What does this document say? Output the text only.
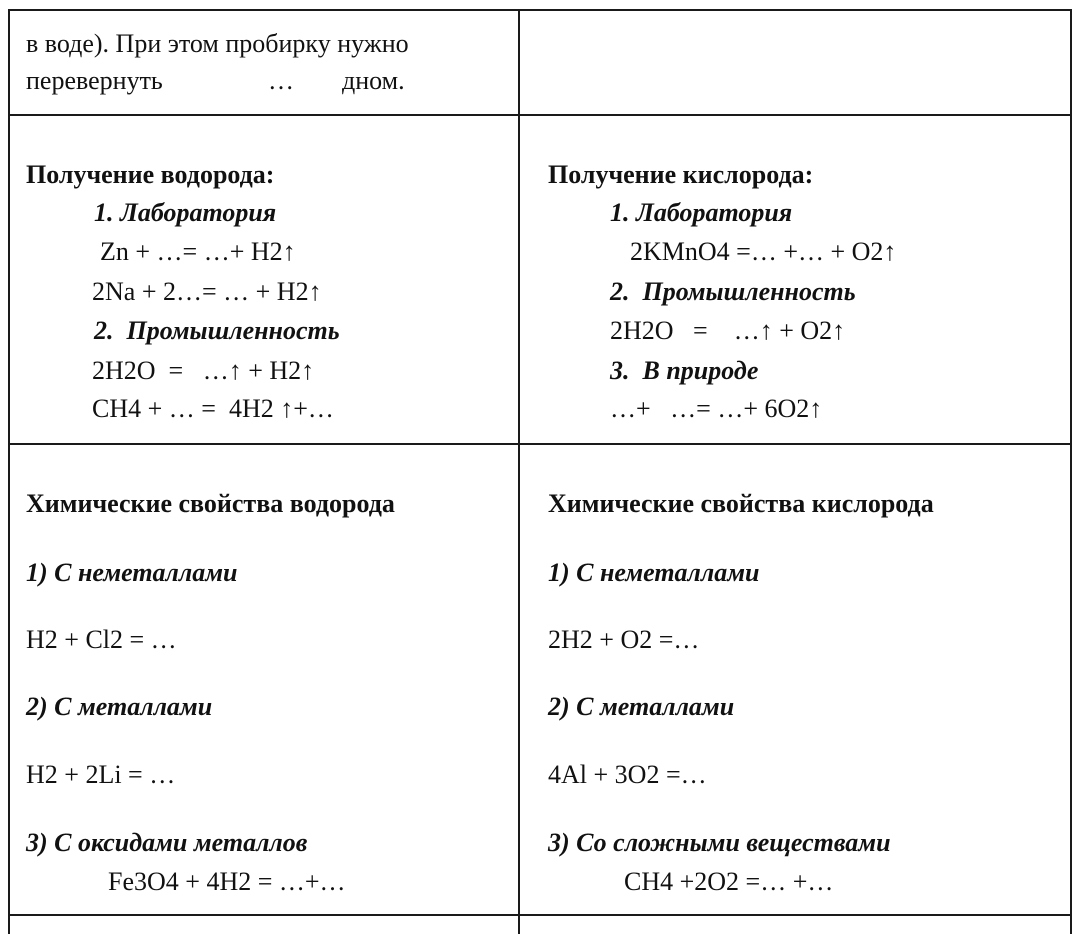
в воде). При этом пробирку нужно
перевернуть	… дном.
Получение водорода:
1. Лаборатория
Zn + …= …+ H2↑
2Na + 2…= … + H2↑
2.  Промышленность
2H2O  =   …↑ + H2↑
CH4 + … =  4H2 ↑+…
Получение кислорода:
1. Лаборатория
2KMnO4 =… +… + O2↑
2.  Промышленность
2H2O   =    …↑ + O2↑
3.  В природе
…+   …= …+ 6O2↑
Химические свойства водорода
1) С неметаллами
H2 + Cl2 = …
2) С металлами
H2 + 2Li = …
3) С оксидами металлов
Fe3O4 + 4H2 = …+…
Химические свойства кислорода
1) С неметаллами
2H2 + O2 =…
2) С металлами
4Al + 3O2 =…
3) Со сложными веществами
CH4 +2O2 =… +…
